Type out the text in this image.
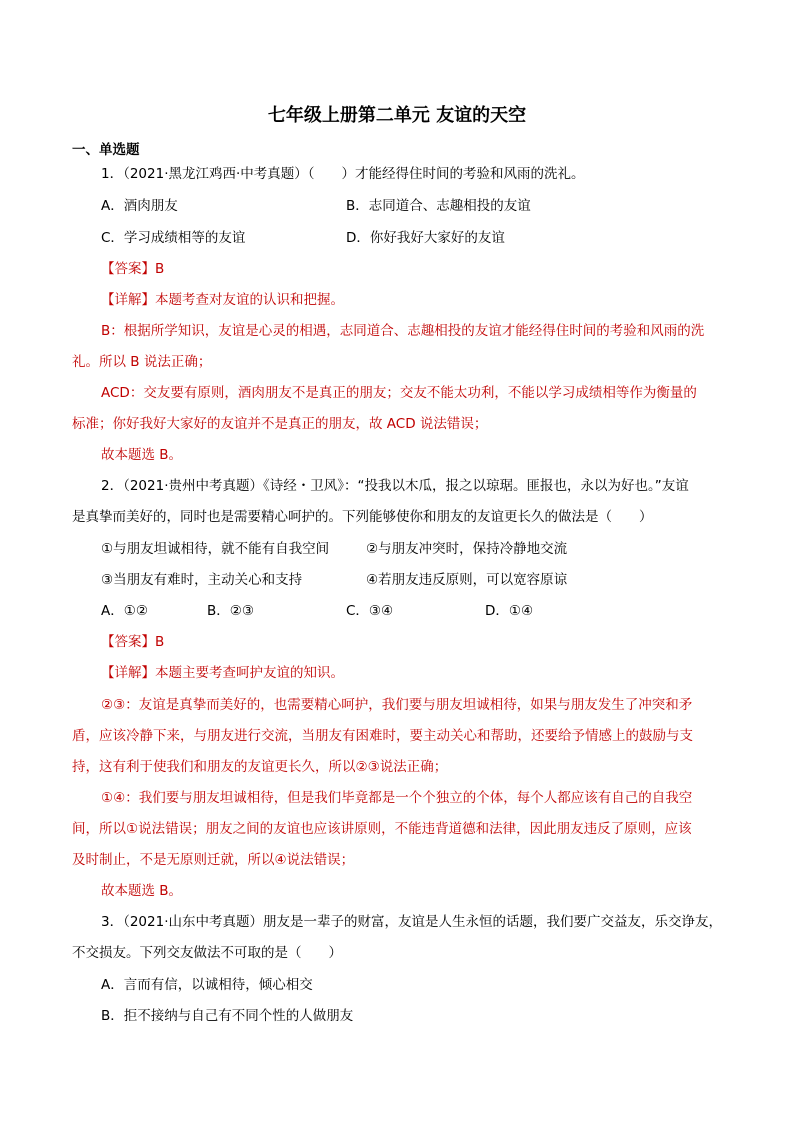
七年级上册第二单元 友谊的天空
一、单选题
1．（2021·黑龙江鸡西·中考真题）（　　）才能经得住时间的考验和风雨的洗礼。
A．酒肉朋友	B．志同道合、志趣相投的友谊
C．学习成绩相等的友谊	D．你好我好大家好的友谊
【答案】B
【详解】本题考查对友谊的认识和把握。
B：根据所学知识，友谊是心灵的相遇，志同道合、志趣相投的友谊才能经得住时间的考验和风雨的洗
礼。所以 B 说法正确；
ACD：交友要有原则，酒肉朋友不是真正的朋友；交友不能太功利，不能以学习成绩相等作为衡量的
标准；你好我好大家好的友谊并不是真正的朋友，故 ACD 说法错误；
故本题选 B。
2．（2021·贵州中考真题）《诗经・卫风》：“投我以木瓜，报之以琼琚。匪报也，永以为好也。”友谊
是真挚而美好的，同时也是需要精心呵护的。下列能够使你和朋友的友谊更长久的做法是（　　）
①与朋友坦诚相待，就不能有自我空间	②与朋友冲突时，保持冷静地交流
③当朋友有难时，主动关心和支持	④若朋友违反原则，可以宽容原谅
A．①②	B．②③	C．③④	D．①④
【答案】B
【详解】本题主要考查呵护友谊的知识。
②③：友谊是真挚而美好的，也需要精心呵护，我们要与朋友坦诚相待，如果与朋友发生了冲突和矛
盾，应该冷静下来，与朋友进行交流，当朋友有困难时，要主动关心和帮助，还要给予情感上的鼓励与支
持，这有利于使我们和朋友的友谊更长久，所以②③说法正确；
①④：我们要与朋友坦诚相待，但是我们毕竟都是一个个独立的个体，每个人都应该有自己的自我空
间，所以①说法错误；朋友之间的友谊也应该讲原则，不能违背道德和法律，因此朋友违反了原则，应该
及时制止，不是无原则迁就，所以④说法错误；
故本题选 B。
3．（2021·山东中考真题）朋友是一辈子的财富，友谊是人生永恒的话题，我们要广交益友，乐交诤友，
不交损友。下列交友做法不可取的是（　　）
A．言而有信，以诚相待，倾心相交
B．拒不接纳与自己有不同个性的人做朋友
